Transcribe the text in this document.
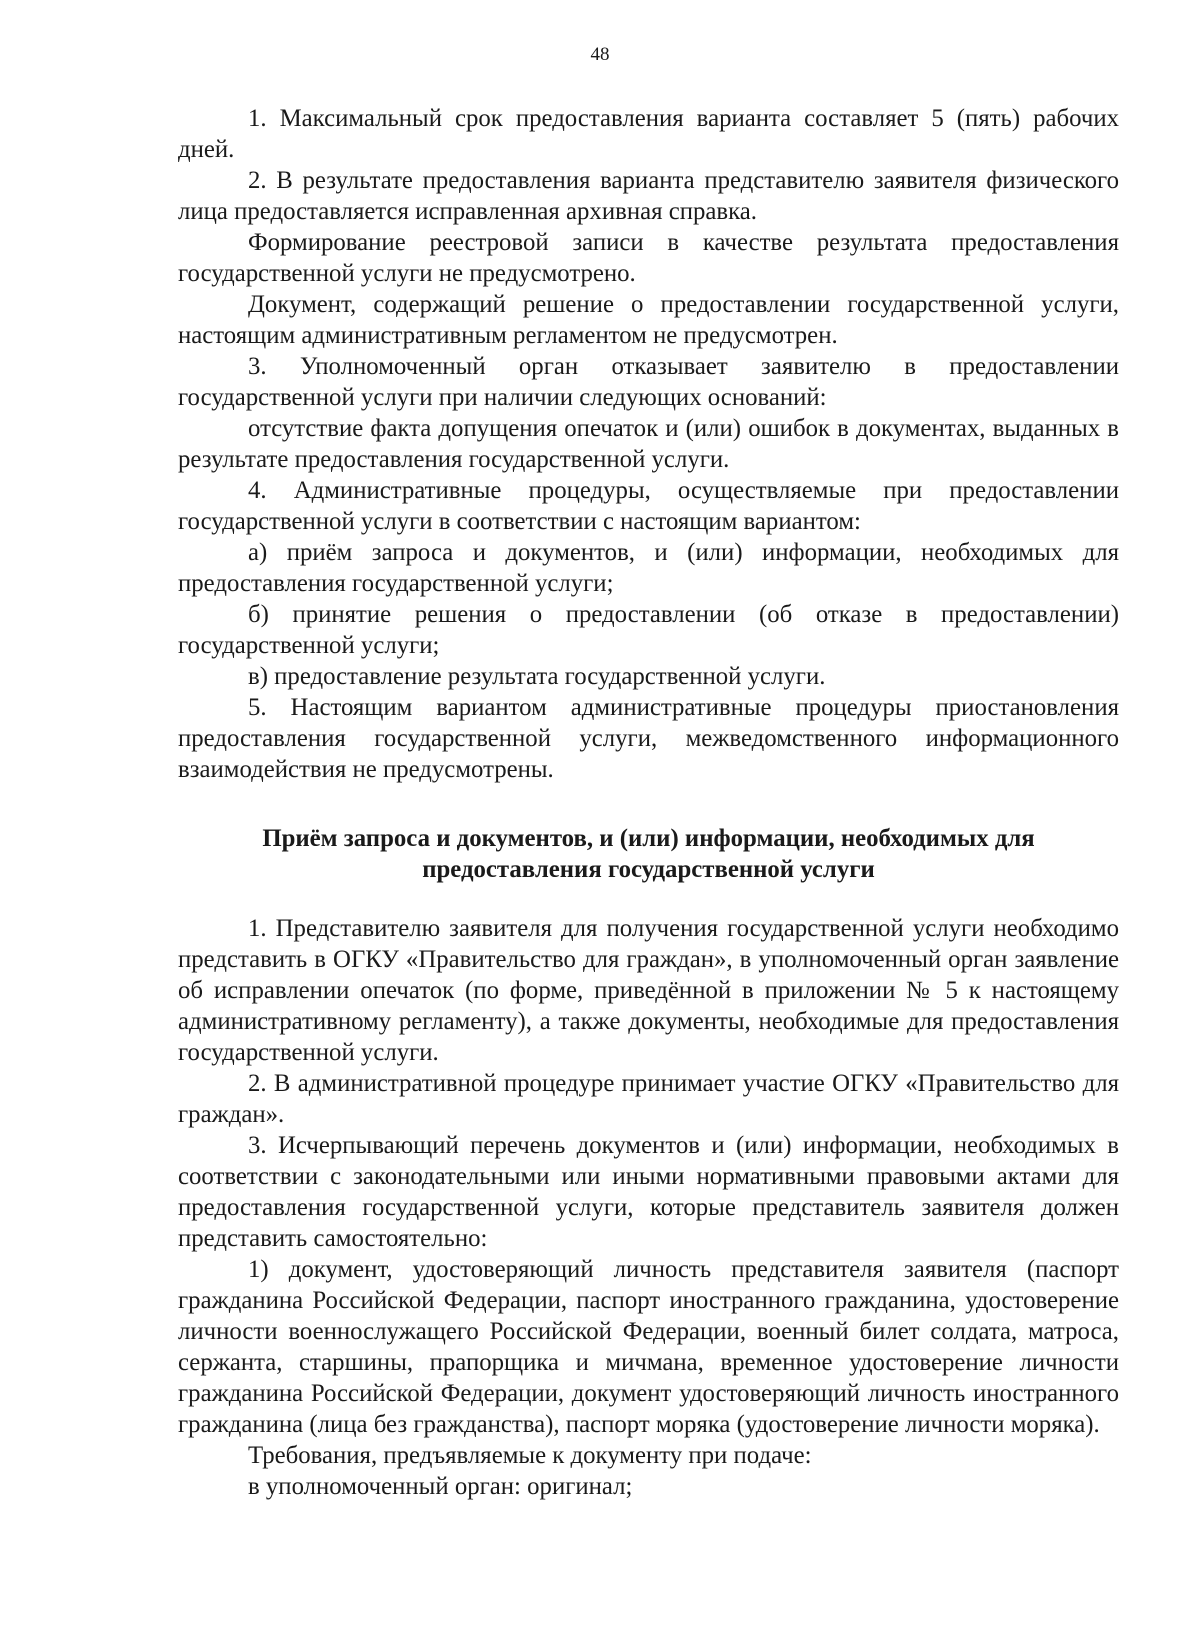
48

1. Максимальный срок предоставления варианта составляет 5 (пять) рабочих дней.

2. В результате предоставления варианта представителю заявителя физического лица предоставляется исправленная архивная справка.

Формирование реестровой записи в качестве результата предоставления государственной услуги не предусмотрено.

Документ, содержащий решение о предоставлении государственной услуги, настоящим административным регламентом не предусмотрен.

3. Уполномоченный орган отказывает заявителю в предоставлении государственной услуги при наличии следующих оснований:

отсутствие факта допущения опечаток и (или) ошибок в документах, выданных в результате предоставления государственной услуги.

4. Административные процедуры, осуществляемые при предоставлении государственной услуги в соответствии с настоящим вариантом:

а) приём запроса и документов, и (или) информации, необходимых для предоставления государственной услуги;

б) принятие решения о предоставлении (об отказе в предоставлении) государственной услуги;

в) предоставление результата государственной услуги.

5. Настоящим вариантом административные процедуры приостановления предоставления государственной услуги, межведомственного информационного взаимодействия не предусмотрены.

Приём запроса и документов, и (или) информации, необходимых для
предоставления государственной услуги

1. Представителю заявителя для получения государственной услуги необходимо представить в ОГКУ «Правительство для граждан», в уполномоченный орган заявление об исправлении опечаток (по форме, приведённой в приложении № 5 к настоящему административному регламенту), а также документы, необходимые для предоставления государственной услуги.

2. В административной процедуре принимает участие ОГКУ «Правительство для граждан».

3. Исчерпывающий перечень документов и (или) информации, необходимых в соответствии с законодательными или иными нормативными правовыми актами для предоставления государственной услуги, которые представитель заявителя должен представить самостоятельно:

1) документ, удостоверяющий личность представителя заявителя (паспорт гражданина Российской Федерации, паспорт иностранного гражданина, удостоверение личности военнослужащего Российской Федерации, военный билет солдата, матроса, сержанта, старшины, прапорщика и мичмана, временное удостоверение личности гражданина Российской Федерации, документ удостоверяющий личность иностранного гражданина (лица без гражданства), паспорт моряка (удостоверение личности моряка).

Требования, предъявляемые к документу при подаче:

в уполномоченный орган: оригинал;
